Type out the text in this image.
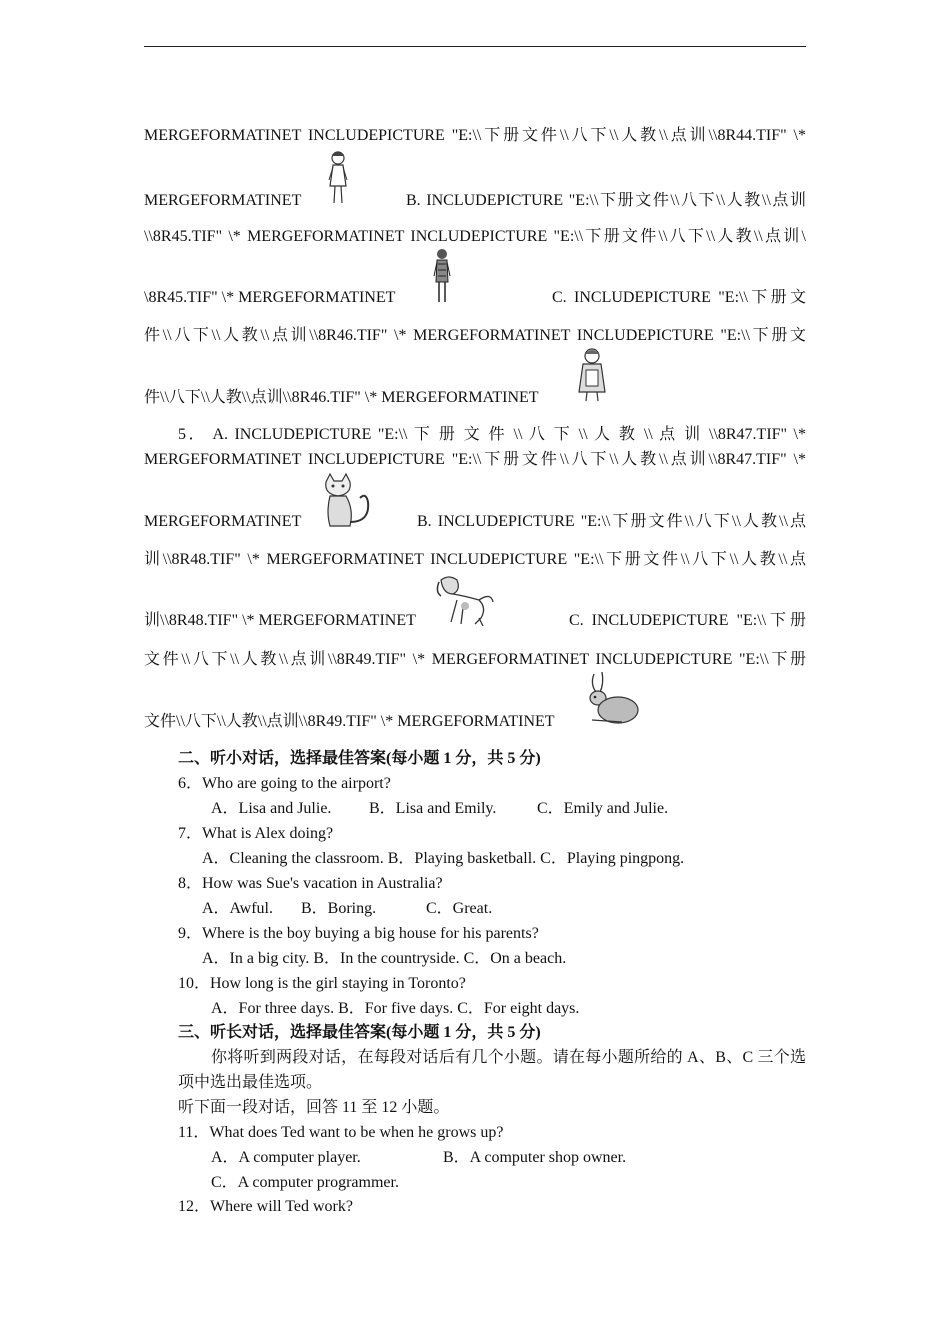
MERGEFORMATINET INCLUDEPICTURE "E:\\下册文件\\八下\\人教\\点训\\8R44.TIF" \*
MERGEFORMATINET	B. INCLUDEPICTURE "E:\\下册文件\\八下\\人教\\点训
\\8R45.TIF" \* MERGEFORMATINET INCLUDEPICTURE "E:\\下册文件\\八下\\人教\\点训\
\8R45.TIF" \* MERGEFORMATINET	C. INCLUDEPICTURE "E:\\下册文
件\\八下\\人教\\点训\\8R46.TIF" \* MERGEFORMATINET INCLUDEPICTURE "E:\\下册文
件\\八下\\人教\\点训\\8R46.TIF" \* MERGEFORMATINET
5． A. INCLUDEPICTURE "E:\\ 下 册 文 件 \\ 八 下 \\ 人 教 \\ 点 训 \\8R47.TIF" \*
MERGEFORMATINET INCLUDEPICTURE "E:\\下册文件\\八下\\人教\\点训\\8R47.TIF" \*
MERGEFORMATINET	B. INCLUDEPICTURE "E:\\下册文件\\八下\\人教\\点
训\\8R48.TIF" \* MERGEFORMATINET INCLUDEPICTURE "E:\\下册文件\\八下\\人教\\点
训\\8R48.TIF" \* MERGEFORMATINET	C. INCLUDEPICTURE "E:\\下册
文件\\八下\\人教\\点训\\8R49.TIF" \* MERGEFORMATINET INCLUDEPICTURE "E:\\下册
文件\\八下\\人教\\点训\\8R49.TIF" \* MERGEFORMATINET
二、听小对话，选择最佳答案(每小题 1 分，共 5 分)
6．Who are going to the airport?
A．Lisa and Julie. B．Lisa and Emily.	C．Emily and Julie.
7．What is Alex doing?
A．Cleaning the classroom. B．Playing basketball. C．Playing pingpong.
8．How was Sue's vacation in Australia?
A．Awful. B．Boring.	C．Great.
9．Where is the boy buying a big house for his parents?
A．In a big city. B．In the countryside. C．On a beach.
10．How long is the girl staying in Toronto?
A．For three days. B．For five days. C．For eight days.
三、听长对话，选择最佳答案(每小题 1 分，共 5 分)
你将听到两段对话，在每段对话后有几个小题。请在每小题所给的 A、B、C 三个选
项中选出最佳选项。
听下面一段对话，回答 11 至 12 小题。
11．What does Ted want to be when he grows up?
A．A computer player.	B．A computer shop owner.
C．A computer programmer.
12．Where will Ted work?
